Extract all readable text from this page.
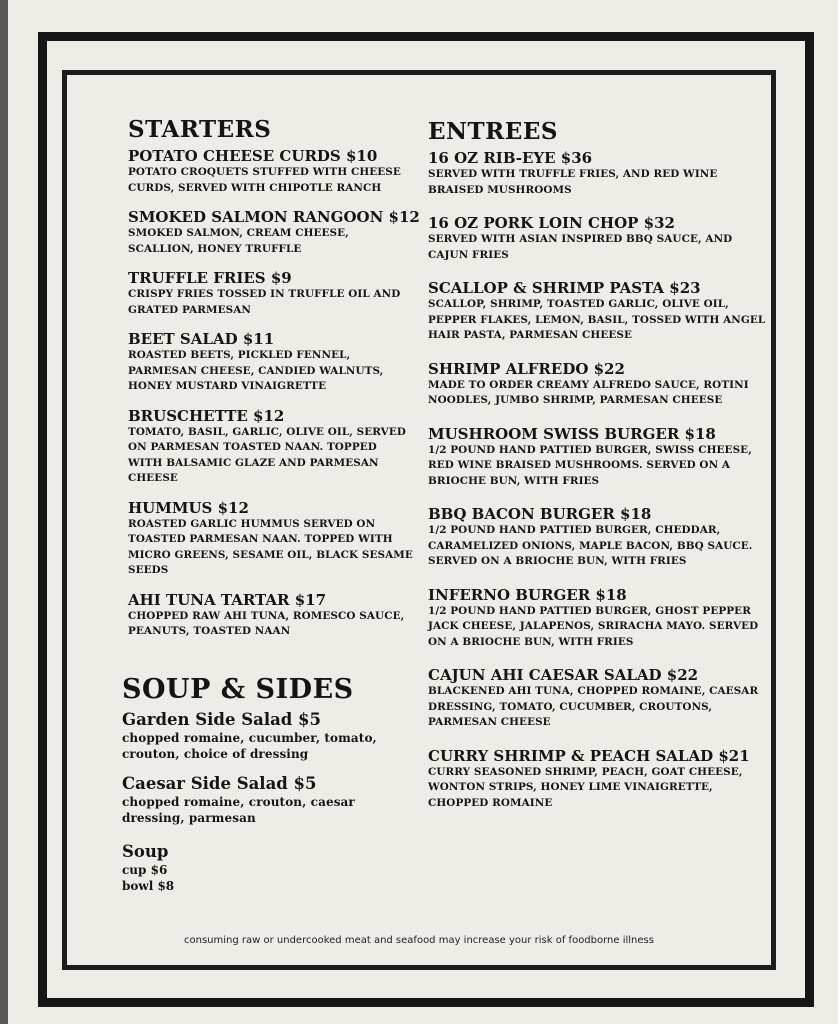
STARTERS
POTATO CHEESE CURDS $10
POTATO CROQUETS STUFFED WITH CHEESE CURDS, SERVED WITH CHIPOTLE RANCH
SMOKED SALMON RANGOON $12
SMOKED SALMON, CREAM CHEESE, SCALLION, HONEY TRUFFLE
TRUFFLE FRIES $9
CRISPY FRIES TOSSED IN TRUFFLE OIL AND GRATED PARMESAN
BEET SALAD $11
ROASTED BEETS, PICKLED FENNEL, PARMESAN CHEESE, CANDIED WALNUTS, HONEY MUSTARD VINAIGRETTE
BRUSCHETTE $12
TOMATO, BASIL, GARLIC, OLIVE OIL, SERVED ON PARMESAN TOASTED NAAN. TOPPED WITH BALSAMIC GLAZE AND PARMESAN CHEESE
HUMMUS $12
ROASTED GARLIC HUMMUS SERVED ON TOASTED PARMESAN NAAN. TOPPED WITH MICRO GREENS, SESAME OIL, BLACK SESAME SEEDS
AHI TUNA TARTAR $17
CHOPPED RAW AHI TUNA, ROMESCO SAUCE, PEANUTS, TOASTED NAAN
SOUP & SIDES
Garden Side Salad $5
chopped romaine, cucumber, tomato, crouton, choice of dressing
Caesar Side Salad $5
chopped romaine, crouton, caesar dressing, parmesan
Soup
cup $6
bowl $8
ENTREES
16 OZ RIB-EYE $36
SERVED WITH TRUFFLE FRIES, AND RED WINE BRAISED MUSHROOMS
16 OZ PORK LOIN CHOP $32
SERVED WITH ASIAN INSPIRED BBQ SAUCE, AND CAJUN FRIES
SCALLOP & SHRIMP PASTA $23
SCALLOP, SHRIMP, TOASTED GARLIC, OLIVE OIL, PEPPER FLAKES, LEMON, BASIL, TOSSED WITH ANGEL HAIR PASTA, PARMESAN CHEESE
SHRIMP ALFREDO $22
MADE TO ORDER CREAMY ALFREDO SAUCE, ROTINI NOODLES, JUMBO SHRIMP, PARMESAN CHEESE
MUSHROOM SWISS BURGER $18
1/2 POUND HAND PATTIED BURGER, SWISS CHEESE, RED WINE BRAISED MUSHROOMS. SERVED ON A BRIOCHE BUN, WITH FRIES
BBQ BACON BURGER $18
1/2 POUND HAND PATTIED BURGER, CHEDDAR, CARAMELIZED ONIONS, MAPLE BACON, BBQ SAUCE. SERVED ON A BRIOCHE BUN, WITH FRIES
INFERNO BURGER $18
1/2 POUND HAND PATTIED BURGER, GHOST PEPPER JACK CHEESE, JALAPENOS, SRIRACHA MAYO. SERVED ON A BRIOCHE BUN, WITH FRIES
CAJUN AHI CAESAR SALAD $22
BLACKENED AHI TUNA, CHOPPED ROMAINE, CAESAR DRESSING, TOMATO, CUCUMBER, CROUTONS, PARMESAN CHEESE
CURRY SHRIMP & PEACH SALAD $21
CURRY SEASONED SHRIMP, PEACH, GOAT CHEESE, WONTON STRIPS, HONEY LIME VINAIGRETTE, CHOPPED ROMAINE
consuming raw or undercooked meat and seafood may increase your risk of foodborne illness
